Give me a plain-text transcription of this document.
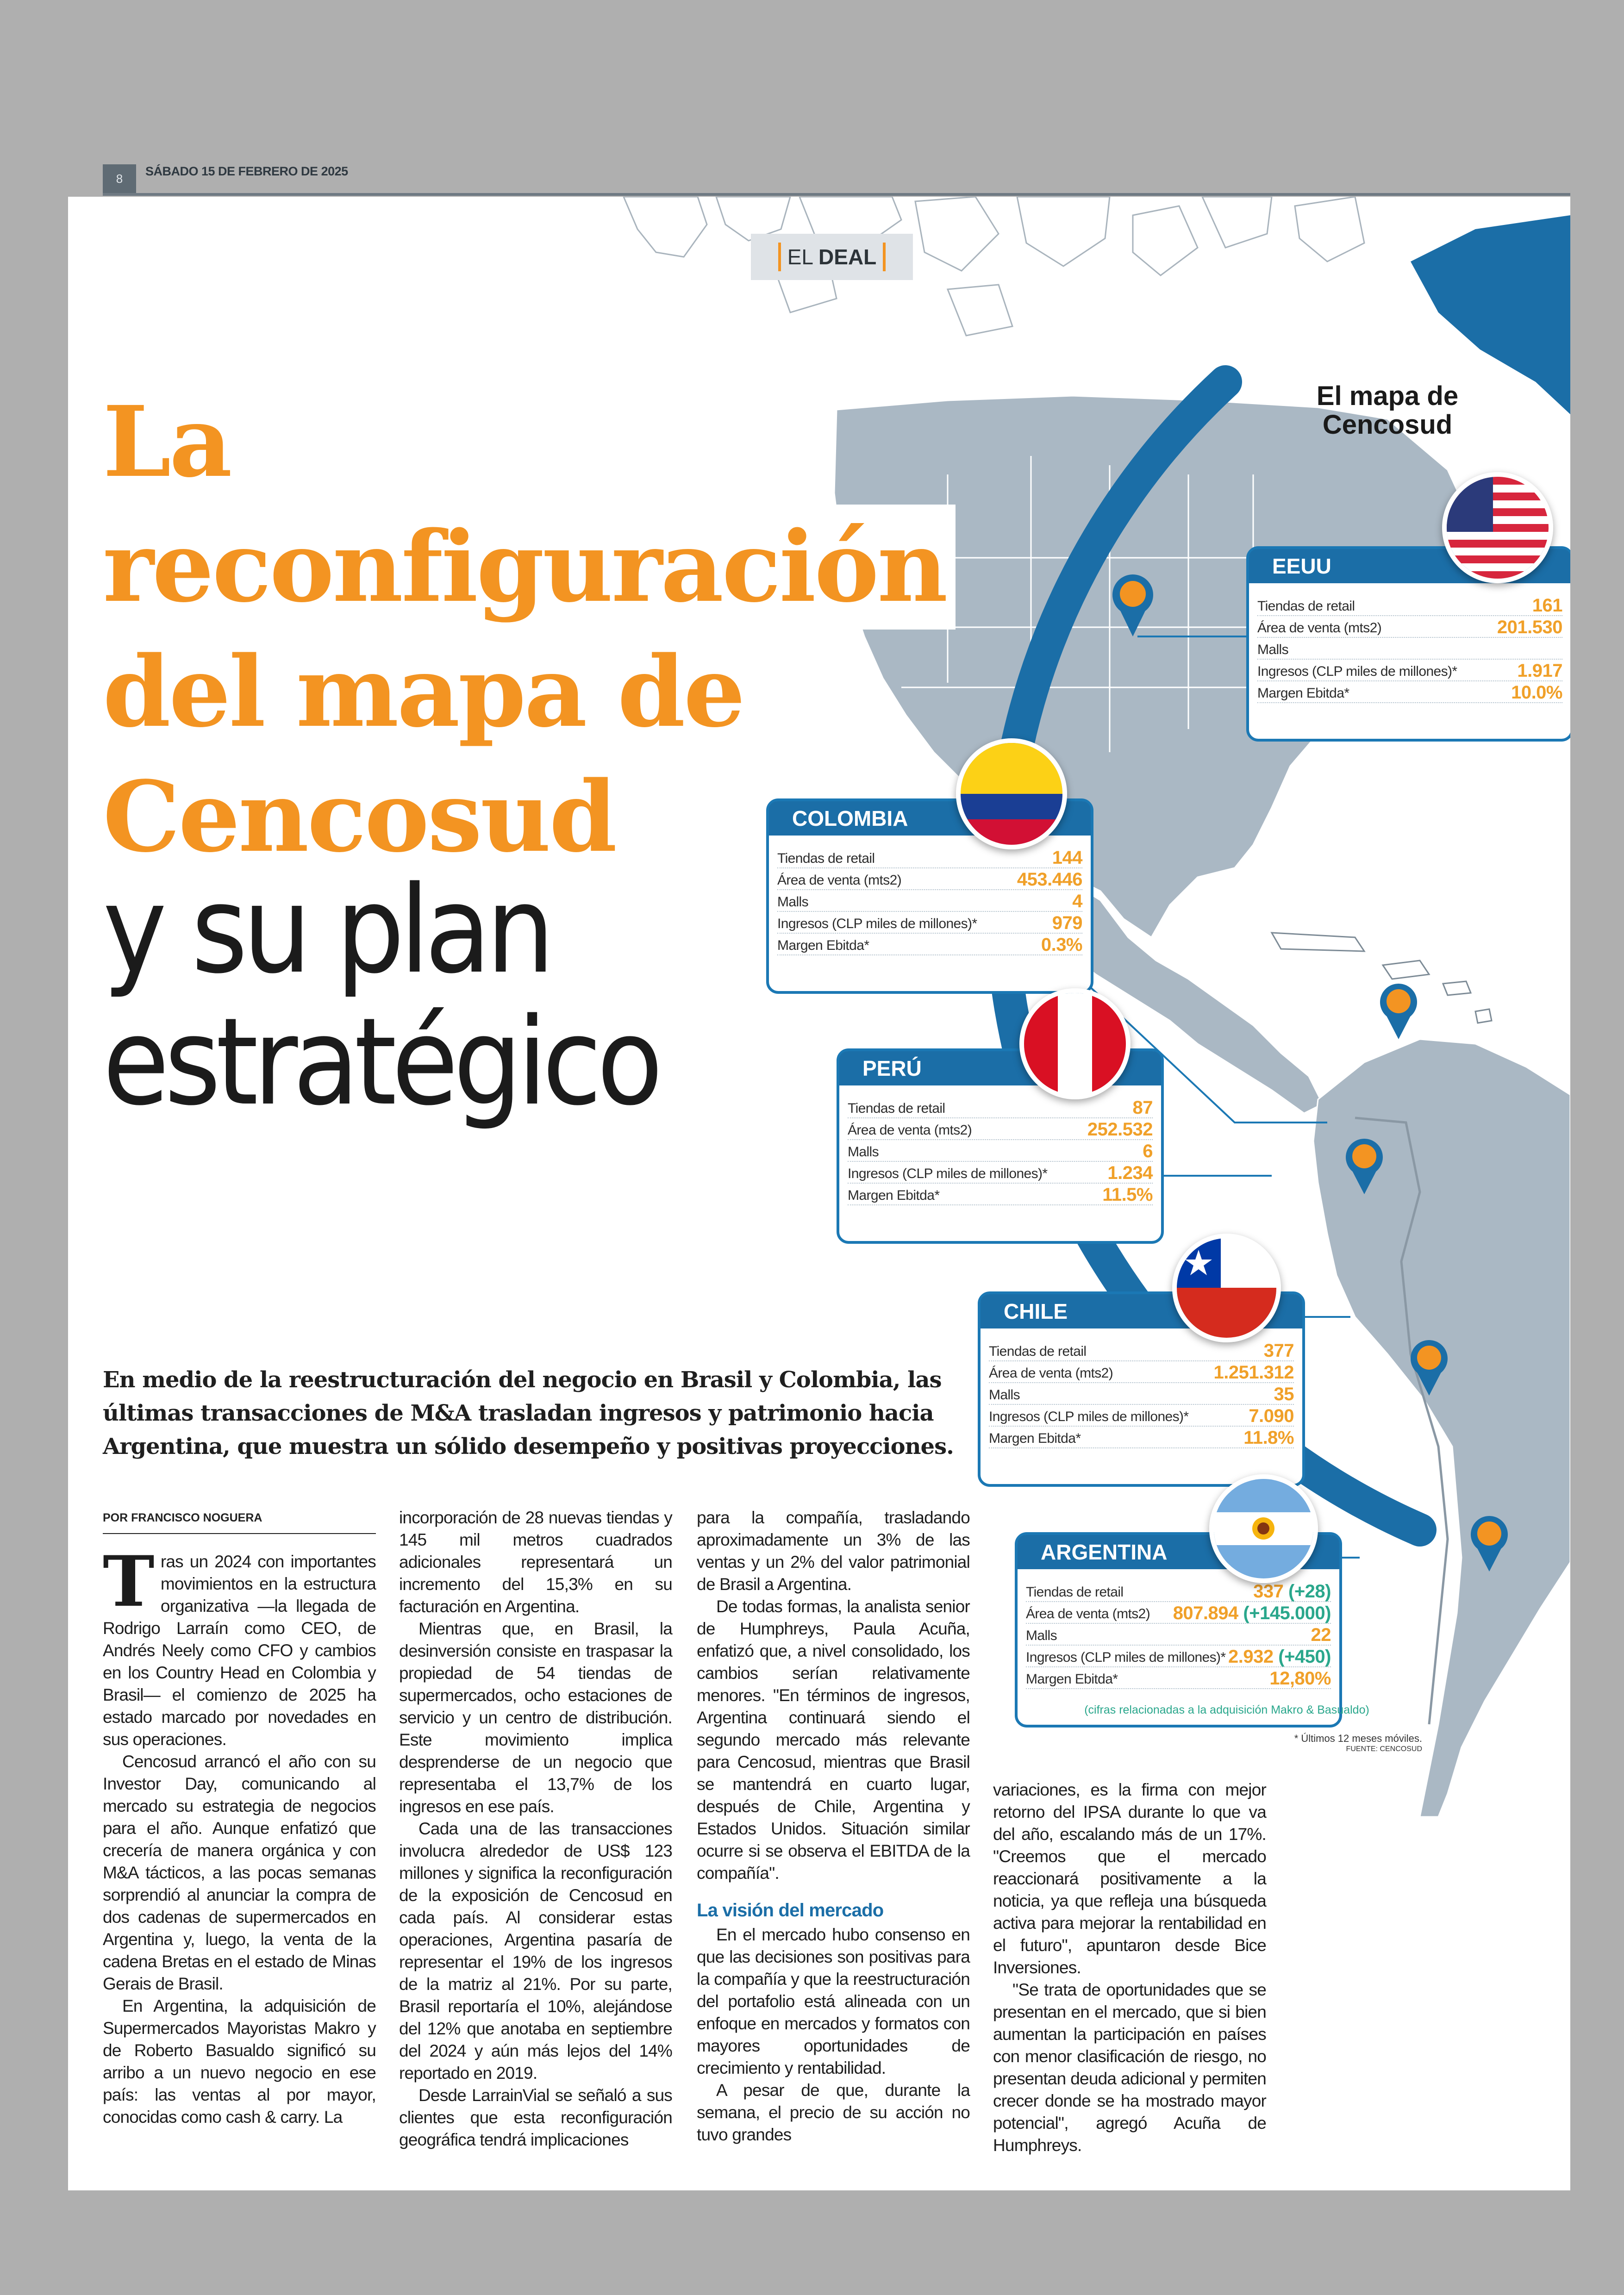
8
SÁBADO 15 DE FEBRERO DE 2025
EL DEAL
La
reconfiguración
del mapa de
Cencosud
y su plan
estratégico
El mapa de
Cencosud
EEUU
Tiendas de retail	161
Área de venta (mts2)	201.530
Malls
Ingresos (CLP miles de millones)*	1.917
Margen Ebitda*	10.0%
COLOMBIA
Tiendas de retail	144
Área de venta (mts2)	453.446
Malls	4
Ingresos (CLP miles de millones)*	979
Margen Ebitda*	0.3%
PERÚ
Tiendas de retail	87
Área de venta (mts2)	252.532
Malls	6
Ingresos (CLP miles de millones)*	1.234
Margen Ebitda*	11.5%
CHILE
Tiendas de retail	377
Área de venta (mts2)	1.251.312
Malls	35
Ingresos (CLP miles de millones)*	7.090
Margen Ebitda*	11.8%
ARGENTINA
Tiendas de retail	337 (+28)
Área de venta (mts2) 807.894 (+145.000)
Malls	22
Ingresos (CLP miles de millones)* 2.932 (+450)
Margen Ebitda*	12,80%
(cifras relacionadas a la adquisición Makro & Basualdo)
* Últimos 12 meses móviles.
FUENTE: CENCOSUD
En medio de la reestructuración del negocio en Brasil y Colombia, las últimas transacciones de M&A trasladan ingresos y patrimonio hacia Argentina, que muestra un sólido desempeño y positivas proyecciones.
POR FRANCISCO NOGUERA

Tras un 2024 con importantes movimientos en la estructura organizativa —la llegada de Rodrigo Larraín como CEO, de Andrés Neely como CFO y cambios en los Country Head en Colombia y Brasil— el comienzo de 2025 ha estado marcado por novedades en sus operaciones.

Cencosud arrancó el año con su Investor Day, comunicando al mercado su estrategia de negocios para el año. Aunque enfatizó que crecería de manera orgánica y con M&A tácticos, a las pocas semanas sorprendió al anunciar la compra de dos cadenas de supermercados en Argentina y, luego, la venta de la cadena Bretas en el estado de Minas Gerais de Brasil.

En Argentina, la adquisición de Supermercados Mayoristas Makro y de Roberto Basualdo significó su arribo a un nuevo negocio en ese país: las ventas al por mayor, conocidas como cash & carry. La

incorporación de 28 nuevas tiendas y 145 mil metros cuadrados adicionales representará un incremento del 15,3% en su facturación en Argentina.

Mientras que, en Brasil, la desinversión consiste en traspasar la propiedad de 54 tiendas de supermercados, ocho estaciones de servicio y un centro de distribución. Este movimiento implica desprenderse de un negocio que representaba el 13,7% de los ingresos en ese país.

Cada una de las transacciones involucra alrededor de US$ 123 millones y significa la reconfiguración de la exposición de Cencosud en cada país. Al considerar estas operaciones, Argentina pasaría de representar el 19% de los ingresos de la matriz al 21%. Por su parte, Brasil reportaría el 10%, alejándose del 12% que anotaba en septiembre del 2024 y aún más lejos del 14% reportado en 2019.

Desde LarrainVial se señaló a sus clientes que esta reconfiguración geográfica tendrá implicaciones

para la compañía, trasladando aproximadamente un 3% de las ventas y un 2% del valor patrimonial de Brasil a Argentina.

De todas formas, la analista senior de Humphreys, Paula Acuña, enfatizó que, a nivel consolidado, los cambios serían relativamente menores. "En términos de ingresos, Argentina continuará siendo el segundo mercado más relevante para Cencosud, mientras que Brasil se mantendrá en cuarto lugar, después de Chile, Argentina y Estados Unidos. Situación similar ocurre si se observa el EBITDA de la compañía".

La visión del mercado

En el mercado hubo consenso en que las decisiones son positivas para la compañía y que la reestructuración del portafolio está alineada con un enfoque en mercados y formatos con mayores oportunidades de crecimiento y rentabilidad.

A pesar de que, durante la semana, el precio de su acción no tuvo grandes

variaciones, es la firma con mejor retorno del IPSA durante lo que va del año, escalando más de un 17%. "Creemos que el mercado reaccionará positivamente a la noticia, ya que refleja una búsqueda activa para mejorar la rentabilidad en el futuro", apuntaron desde Bice Inversiones.

"Se trata de oportunidades que se presentan en el mercado, que si bien aumentan la participación en países con menor clasificación de riesgo, no presentan deuda adicional y permiten crecer donde se ha mostrado mayor potencial", agregó Acuña de Humphreys.
